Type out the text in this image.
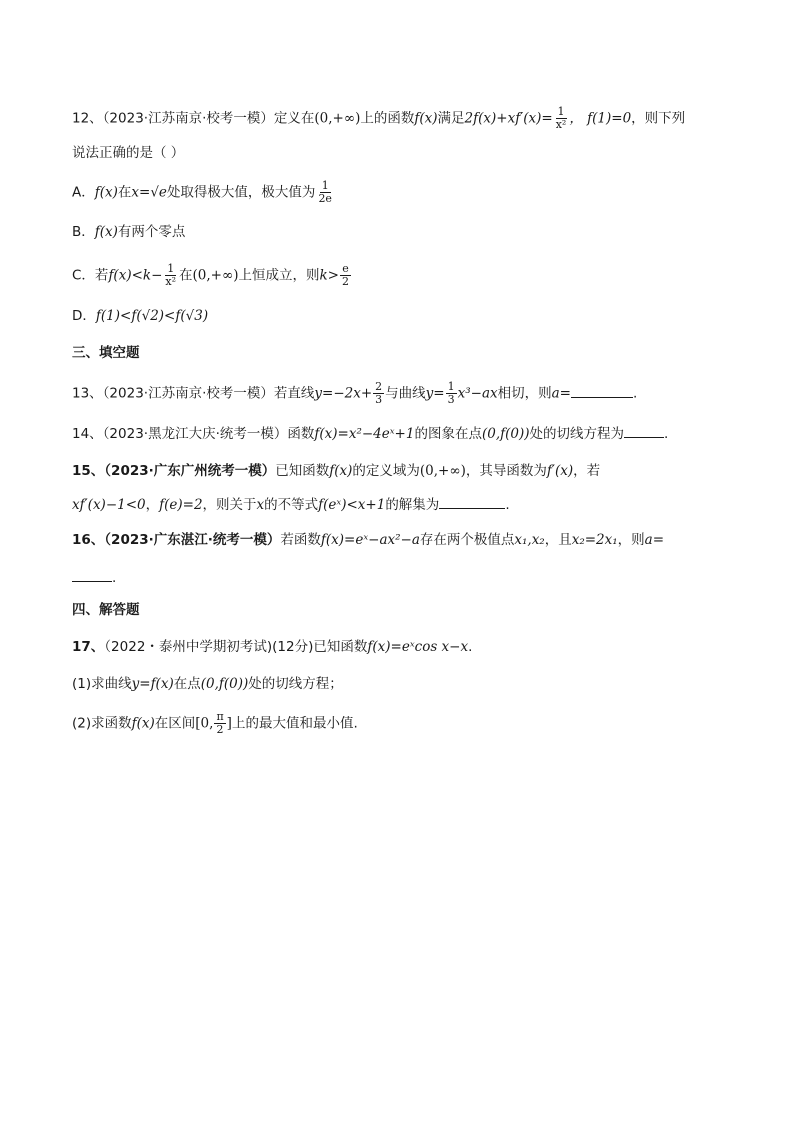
12、（2023·江苏南京·校考一模）定义在(0,+∞)上的函数f(x)满足$2f(x)+xf'(x)= \frac{1}{\text{x²}}$ ， f(1)=0，则下列
说法正确的是（ ）
A．f(x)在x=√e处取得极大值，极大值为 $\frac{1}{2e}$
B．f(x)有两个零点
C．若$f(x)<k- \frac{1}{\text{x²}}$ 在(0,+∞)上恒成立，则$k> \frac{e}{2}$
D．f(1)<f(√2)<f(√3)
三、填空题
13、（2023·江苏南京·校考一模）若直线$y=-2x+ \frac{2}{3}$ 与曲线$y= \frac{1}{3} x^3-ax$相切，则a=	.
14、（2023·黑龙江大庆·统考一模）函数f(x)=x²−4eˣ+1的图象在点(0,f(0))处的切线方程为	.
15、（2023·广东广州统考一模）已知函数f(x)的定义域为(0,+∞)，其导函数为f′(x)，若
xf′(x)−1<0，f(e)=2，则关于x的不等式f(eˣ)<x+1的解集为	.
16、（2023·广东湛江·统考一模）若函数f(x)=eˣ−ax²−a存在两个极值点x₁,x₂，且x₂=2x₁，则a=
.
四、解答题
17、（2022・泰州中学期初考试)(12分)已知函数f(x)=eˣcos x−x.
(1)求曲线y=f(x)在点(0,f(0))处的切线方程；
(2)求函数f(x)在区间[0, $\frac{\pi}{2}$ ]上的最大值和最小值.
